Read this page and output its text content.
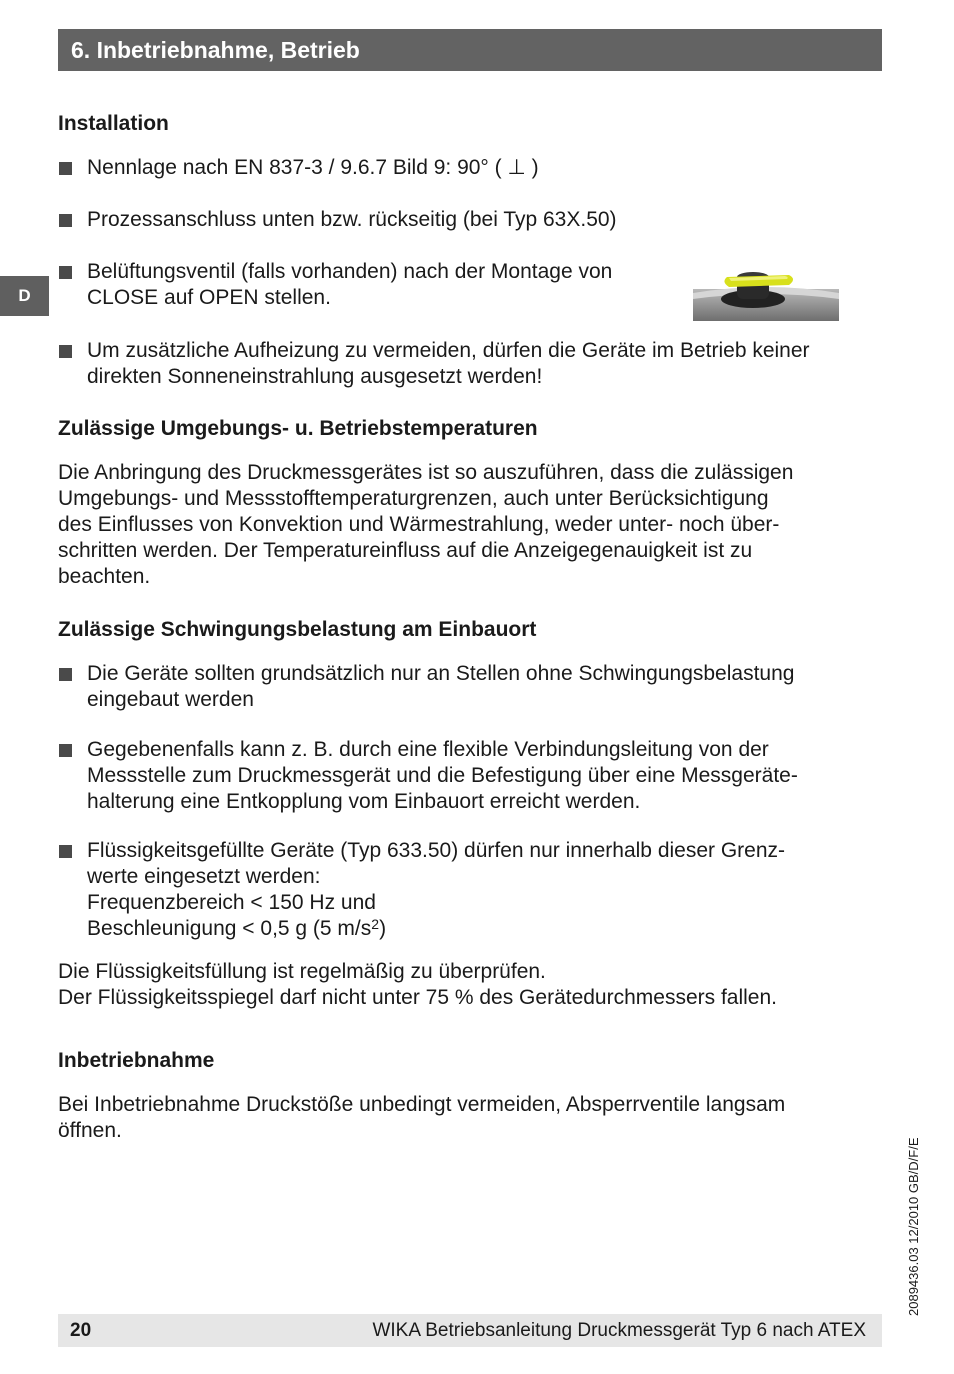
6. Inbetriebnahme, Betrieb
D
Installation
Nennlage nach EN 837-3 / 9.6.7 Bild 9: 90° ( ⊥ )
Prozessanschluss unten bzw. rückseitig (bei Typ 63X.50)
Belüftungsventil (falls vorhanden) nach der Montage von
CLOSE auf OPEN stellen.
Um zusätzliche Aufheizung zu vermeiden, dürfen die Geräte im Betrieb keiner
direkten Sonneneinstrahlung ausgesetzt werden!
Zulässige Umgebungs- u. Betriebstemperaturen

Die Anbringung des Druckmessgerätes ist so auszuführen, dass die zulässigen
Umgebungs- und Messstofftemperaturgrenzen, auch unter Berücksichtigung
des Einflusses von Konvektion und Wärmestrahlung, weder unter- noch über-
schritten werden. Der Temperatureinfluss auf die Anzeigegenauigkeit ist zu
beachten.

Zulässige Schwingungsbelastung am Einbauort
Die Geräte sollten grundsätzlich nur an Stellen ohne Schwingungsbelastung
eingebaut werden
Gegebenenfalls kann z. B. durch eine flexible Verbindungsleitung von der
Messstelle zum Druckmessgerät und die Befestigung über eine Messgeräte-
halterung eine Entkopplung vom Einbauort erreicht werden.
Flüssigkeitsgefüllte Geräte (Typ 633.50) dürfen nur innerhalb dieser Grenz-
werte eingesetzt werden:
Frequenzbereich < 150 Hz und
Beschleunigung < 0,5 g (5 $m/s^2$)

Die Flüssigkeitsfüllung ist regelmäßig zu überprüfen.
Der Flüssigkeitsspiegel darf nicht unter 75 % des Gerätedurchmessers fallen.

Inbetriebnahme

Bei Inbetriebnahme Druckstöße unbedingt vermeiden, Absperrventile langsam
öffnen.

2089436.03 12/2010 GB/D/F/E
20	WIKA Betriebsanleitung Druckmessgerät Typ 6 nach ATEX
